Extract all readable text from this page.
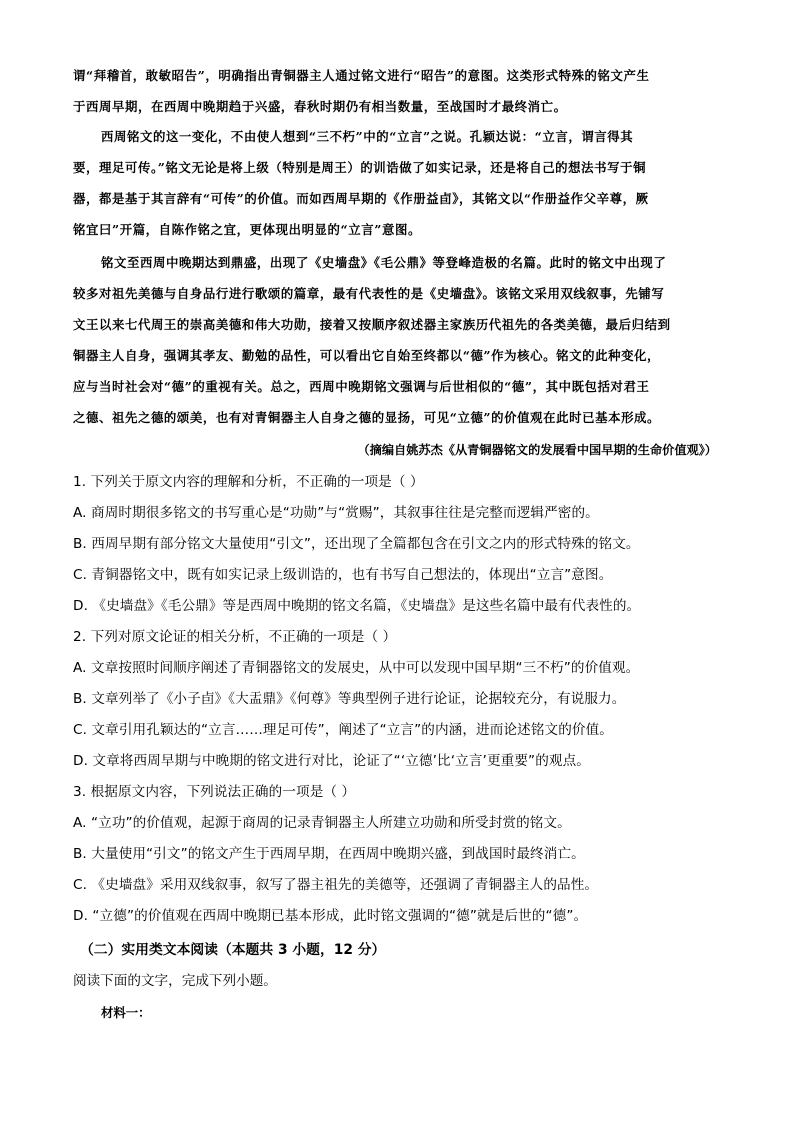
谓“拜稽首，敢敏昭告”，明确指出青铜器主人通过铭文进行“昭告”的意图。这类形式特殊的铭文产生
于西周早期，在西周中晚期趋于兴盛，春秋时期仍有相当数量，至战国时才最终消亡。
西周铭文的这一变化，不由使人想到“三不朽”中的“立言”之说。孔颖达说：“立言，谓言得其
要，理足可传。”铭文无论是将上级（特别是周王）的训诰做了如实记录，还是将自己的想法书写于铜
器，都是基于其言辞有“可传”的价值。而如西周早期的《作册益卣》，其铭文以“作册益作父辛尊，厥
铭宜曰”开篇，自陈作铭之宜，更体现出明显的“立言”意图。
铭文至西周中晚期达到鼎盛，出现了《史墙盘》《毛公鼎》等登峰造极的名篇。此时的铭文中出现了
较多对祖先美德与自身品行进行歌颂的篇章，最有代表性的是《史墙盘》。该铭文采用双线叙事，先铺写
文王以来七代周王的崇高美德和伟大功勋，接着又按顺序叙述器主家族历代祖先的各类美德，最后归结到
铜器主人自身，强调其孝友、勤勉的品性，可以看出它自始至终都以“德”作为核心。铭文的此种变化，
应与当时社会对“德”的重视有关。总之，西周中晚期铭文强调与后世相似的“德”，其中既包括对君王
之德、祖先之德的颂美，也有对青铜器主人自身之德的显扬，可见“立德”的价值观在此时已基本形成。
（摘编自姚苏杰《从青铜器铭文的发展看中国早期的生命价值观》）
1. 下列关于原文内容的理解和分析，不正确的一项是（ ）
A. 商周时期很多铭文的书写重心是“功勋”与“赏赐”，其叙事往往是完整而逻辑严密的。
B. 西周早期有部分铭文大量使用“引文”，还出现了全篇都包含在引文之内的形式特殊的铭文。
C. 青铜器铭文中，既有如实记录上级训诰的，也有书写自己想法的，体现出“立言”意图。
D. 《史墙盘》《毛公鼎》等是西周中晚期的铭文名篇，《史墙盘》是这些名篇中最有代表性的。
2. 下列对原文论证的相关分析，不正确的一项是（ ）
A. 文章按照时间顺序阐述了青铜器铭文的发展史，从中可以发现中国早期“三不朽”的价值观。
B. 文章列举了《小子卣》《大盂鼎》《何尊》等典型例子进行论证，论据较充分，有说服力。
C. 文章引用孔颖达的“立言……理足可传”，阐述了“立言”的内涵，进而论述铭文的价值。
D. 文章将西周早期与中晚期的铭文进行对比，论证了“‘立德’比‘立言’更重要”的观点。
3. 根据原文内容，下列说法正确的一项是（ ）
A. “立功”的价值观，起源于商周的记录青铜器主人所建立功勋和所受封赏的铭文。
B. 大量使用“引文”的铭文产生于西周早期，在西周中晚期兴盛，到战国时最终消亡。
C. 《史墙盘》采用双线叙事，叙写了器主祖先的美德等，还强调了青铜器主人的品性。
D. “立德”的价值观在西周中晚期已基本形成，此时铭文强调的“德”就是后世的“德”。
（二）实用类文本阅读（本题共 3 小题，12 分）
阅读下面的文字，完成下列小题。
材料一：
